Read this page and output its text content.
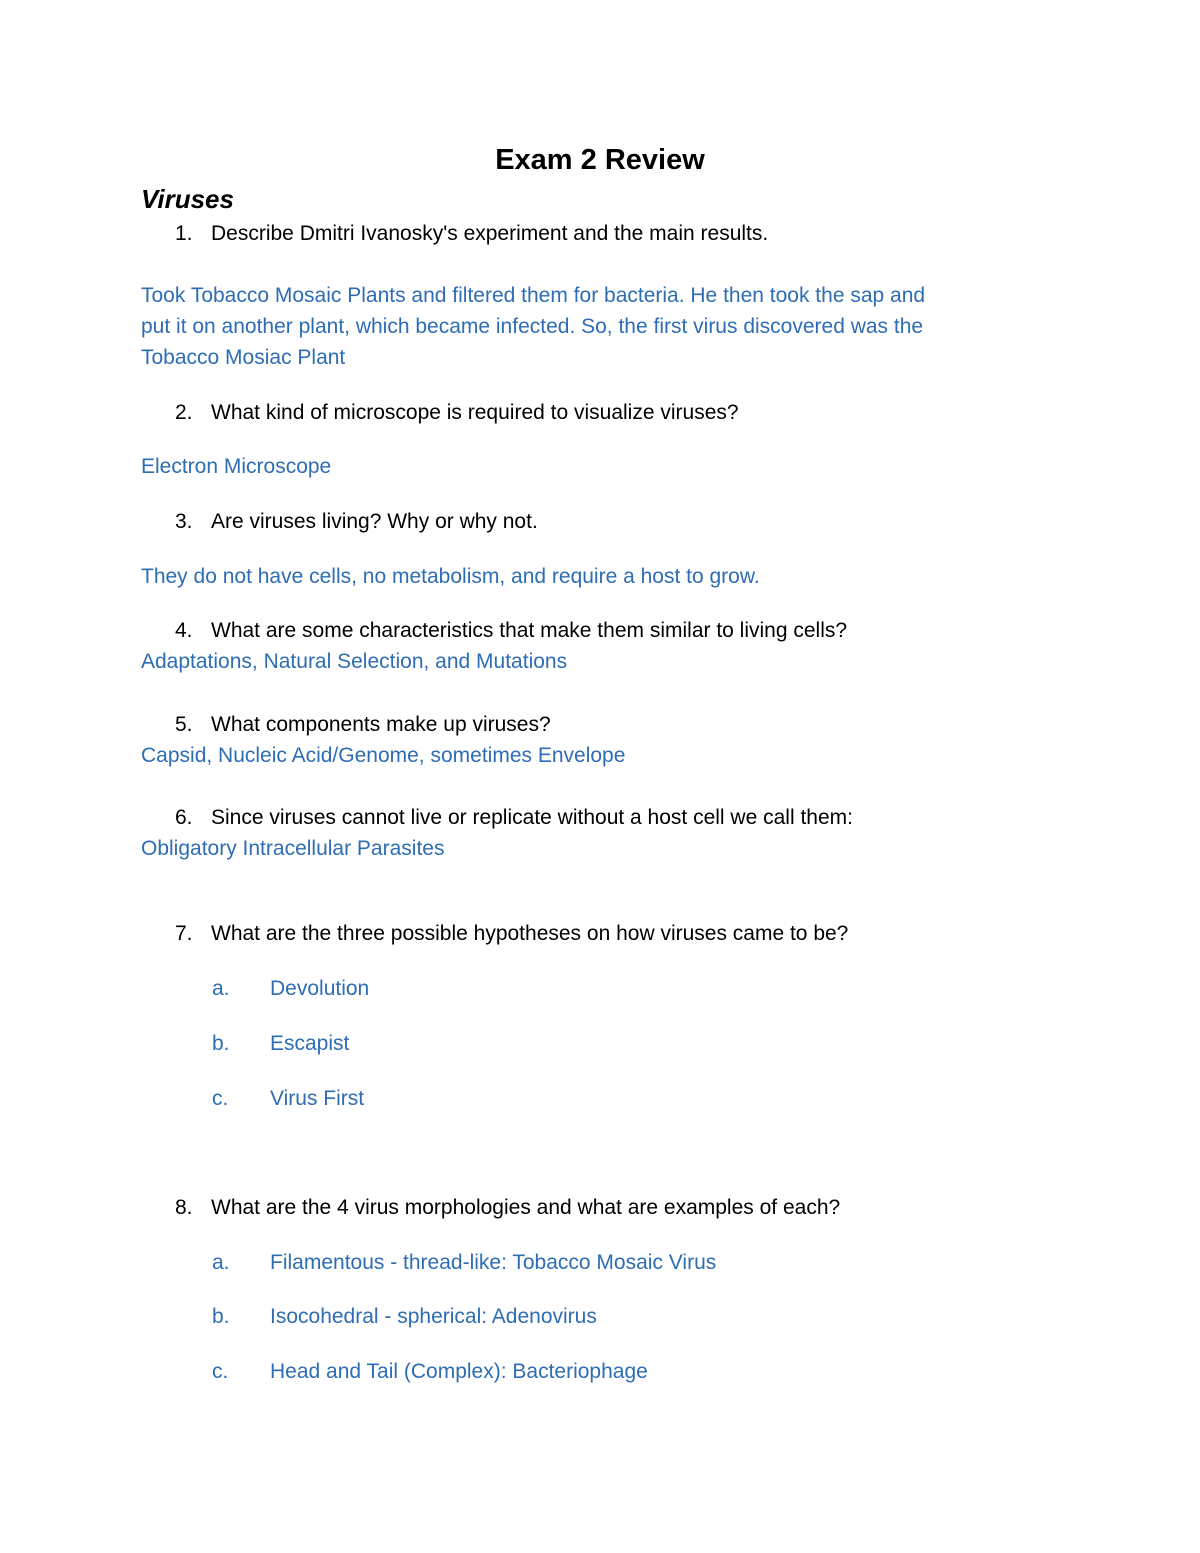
Exam 2 Review
Viruses
1. Describe Dmitri Ivanosky's experiment and the main results.
Took Tobacco Mosaic Plants and filtered them for bacteria. He then took the sap and
put it on another plant, which became infected. So, the first virus discovered was the
Tobacco Mosiac Plant
2. What kind of microscope is required to visualize viruses?
Electron Microscope
3. Are viruses living? Why or why not.
They do not have cells, no metabolism, and require a host to grow.
4. What are some characteristics that make them similar to living cells?
Adaptations, Natural Selection, and Mutations
5. What components make up viruses?
Capsid, Nucleic Acid/Genome, sometimes Envelope
6. Since viruses cannot live or replicate without a host cell we call them:
Obligatory Intracellular Parasites
7. What are the three possible hypotheses on how viruses came to be?
a. Devolution
b. Escapist
c. Virus First
8. What are the 4 virus morphologies and what are examples of each?
a. Filamentous - thread-like: Tobacco Mosaic Virus
b. Isocohedral - spherical: Adenovirus
c. Head and Tail (Complex): Bacteriophage
